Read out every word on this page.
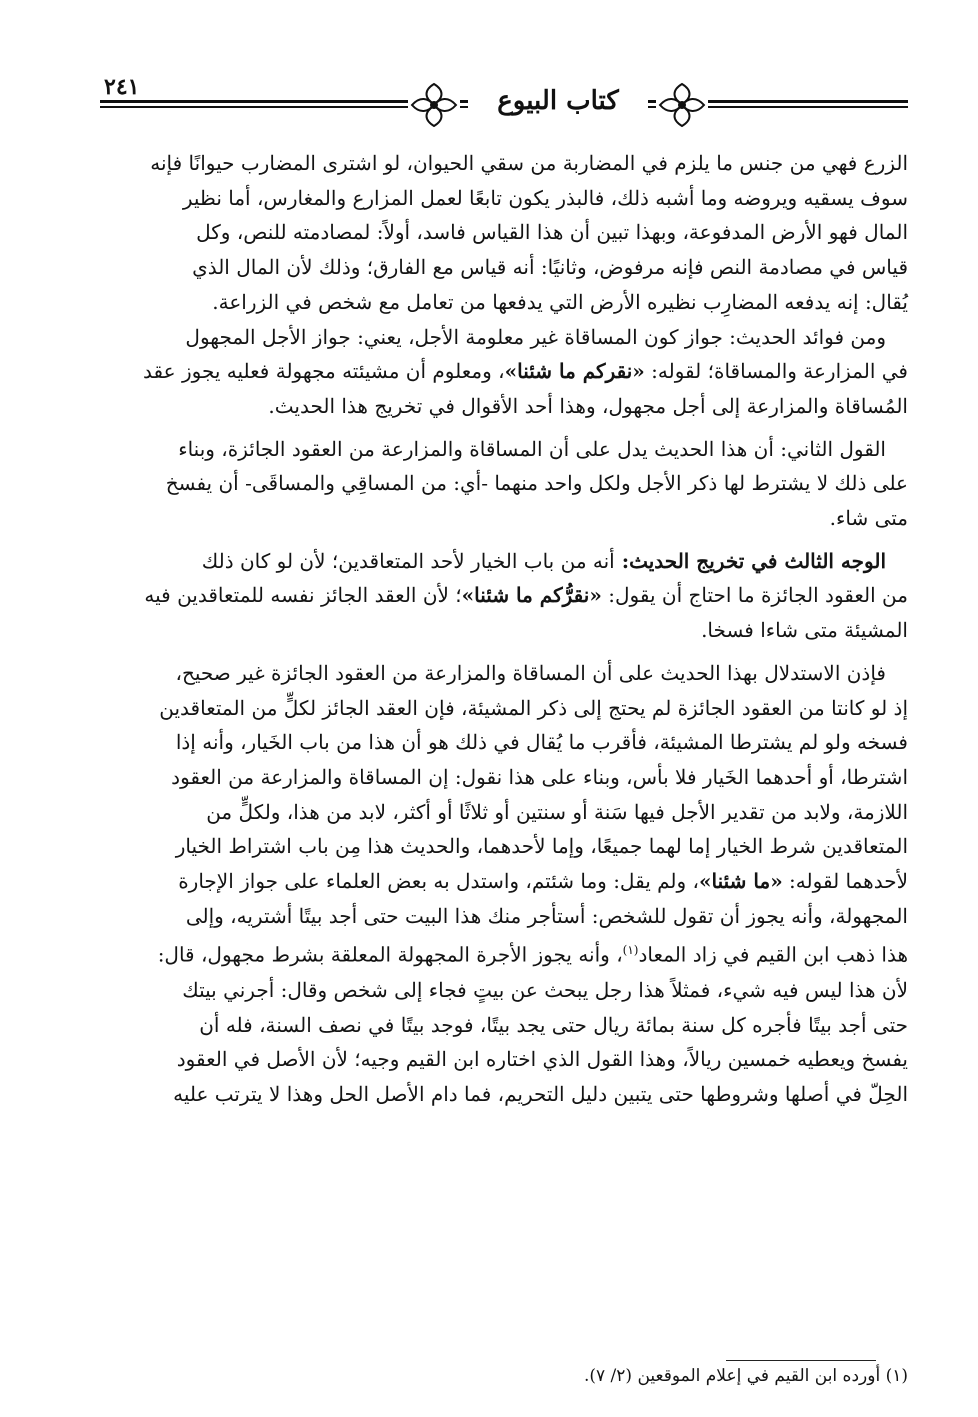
٢٤١	كتاب البيوع

الزرع فهي من جنس ما يلزم في المضاربة من سقي الحيوان، لو اشترى المضارب حيوانًا فإنه

سوف يسقيه ويروضه وما أشبه ذلك، فالبذر يكون تابعًا لعمل المزارع والمغارس، أما نظير

المال فهو الأرض المدفوعة، وبهذا تبين أن هذا القياس فاسد، أولاً: لمصادمته للنص، وكل

قياس في مصادمة النص فإنه مرفوض، وثانيًا: أنه قياس مع الفارق؛ وذلك لأن المال الذي

يُقال: إنه يدفعه المضارِب نظيره الأرض التي يدفعها من تعامل مع شخص في الزراعة.

ومن فوائد الحديث: جواز كون المساقاة غير معلومة الأجل، يعني: جواز الأجل المجهول

في المزارعة والمساقاة؛ لقوله: «نقركم ما شئنا»، ومعلوم أن مشيئته مجهولة فعليه يجوز عقد

المُساقاة والمزارعة إلى أجل مجهول، وهذا أحد الأقوال في تخريج هذا الحديث.

القول الثاني: أن هذا الحديث يدل على أن المساقاة والمزارعة من العقود الجائزة، وبناء

على ذلك لا يشترط لها ذكر الأجل ولكل واحد منهما -أي: من المساقِي والمساقَى- أن يفسخ

متى شاء.

الوجه الثالث في تخريج الحديث: أنه من باب الخيار لأحد المتعاقدين؛ لأن لو كان ذلك

من العقود الجائزة ما احتاج أن يقول: «نقرُّكم ما شئنا»؛ لأن العقد الجائز نفسه للمتعاقدين فيه

المشيئة متى شاءا فسخا.

فإذن الاستدلال بهذا الحديث على أن المساقاة والمزارعة من العقود الجائزة غير صحيح،

إذ لو كانتا من العقود الجائزة لم يحتج إلى ذكر المشيئة، فإن العقد الجائز لكلٍّ من المتعاقدين

فسخه ولو لم يشترطا المشيئة، فأقرب ما يُقال في ذلك هو أن هذا من باب الخَيار، وأنه إذا

اشترطا، أو أحدهما الخَيار فلا بأس، وبناء على هذا نقول: إن المساقاة والمزارعة من العقود

اللازمة، ولابد من تقدير الأجل فيها سَنة أو سنتين أو ثلاثًا أو أكثر، لابد من هذا، ولكلٍّ من

المتعاقدين شرط الخيار إما لهما جميعًا، وإما لأحدهما، والحديث هذا مِن باب اشتراط الخيار

لأحدهما لقوله: «ما شئنا»، ولم يقل: وما شئتم، واستدل به بعض العلماء على جواز الإجارة

المجهولة، وأنه يجوز أن تقول للشخص: أستأجر منك هذا البيت حتى أجد بيتًا أشتريه، وإلى

هذا ذهب ابن القيم في زاد المعاد$^{(١)}$، وأنه يجوز الأجرة المجهولة المعلقة بشرط مجهول، قال:

لأن هذا ليس فيه شيء، فمثلاً هذا رجل يبحث عن بيتٍ فجاء إلى شخص وقال: أجرني بيتك

حتى أجد بيتًا فأجره كل سنة بمائة ريال حتى يجد بيتًا، فوجد بيتًا في نصف السنة، فله أن

يفسخ ويعطيه خمسين ريالاً، وهذا القول الذي اختاره ابن القيم وجيه؛ لأن الأصل في العقود

الحِلّ في أصلها وشروطها حتى يتبين دليل التحريم، فما دام الأصل الحل وهذا لا يترتب عليه

(١) أورده ابن القيم في إعلام الموقعين (٢/ ٧).
